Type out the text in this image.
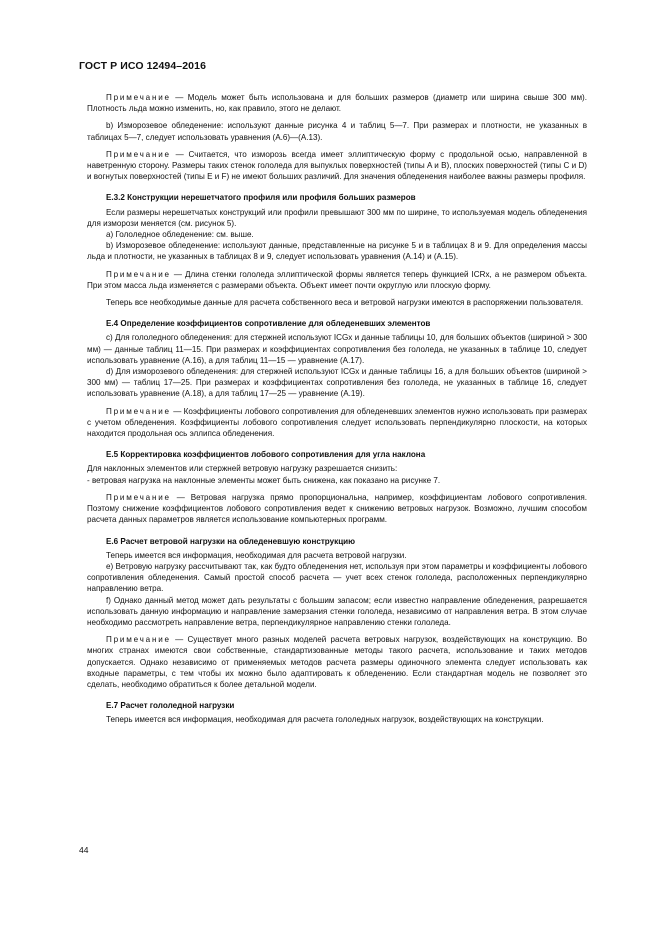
ГОСТ Р ИСО 12494–2016

Примечание — Модель может быть использована и для больших размеров (диаметр или ширина свыше 300 мм). Плотность льда можно изменить, но, как правило, этого не делают.

b) Изморозевое обледенение: используют данные рисунка 4 и таблиц 5—7. При размерах и плотности, не указанных в таблицах 5—7, следует использовать уравнения (A.6)—(A.13).

Примечание — Считается, что изморозь всегда имеет эллиптическую форму с продольной осью, направленной в наветренную сторону. Размеры таких стенок гололеда для выпуклых поверхностей (типы A и B), плоских поверхностей (типы C и D) и вогнутых поверхностей (типы E и F) не имеют больших различий. Для значения обледенения наиболее важны размеры профиля.

E.3.2 Конструкции нерешетчатого профиля или профиля больших размеров

Если размеры нерешетчатых конструкций или профили превышают 300 мм по ширине, то используемая модель обледенения для изморози меняется (см. рисунок 5).

a) Гололедное обледенение: см. выше.

b) Изморозевое обледенение: используют данные, представленные на рисунке 5 и в таблицах 8 и 9. Для определения массы льда и плотности, не указанных в таблицах 8 и 9, следует использовать уравнения (A.14) и (A.15).

Примечание — Длина стенки гололеда эллиптической формы является теперь функцией ICRx, а не размером объекта. При этом масса льда изменяется с размерами объекта. Объект имеет почти округлую или плоскую форму.

Теперь все необходимые данные для расчета собственного веса и ветровой нагрузки имеются в распоряжении пользователя.

E.4 Определение коэффициентов сопротивление для обледеневших элементов

c) Для гололедного обледенения: для стержней используют ICGx и данные таблицы 10, для больших объектов (шириной > 300 мм) — данные таблиц 11—15. При размерах и коэффициентах сопротивления без гололеда, не указанных в таблице 10, следует использовать уравнение (A.16), а для таблиц 11—15 — уравнение (A.17).

d) Для изморозевого обледенения: для стержней используют ICGx и данные таблицы 16, а для больших объектов (шириной > 300 мм) — таблиц 17—25. При размерах и коэффициентах сопротивления без гололеда, не указанных в таблице 16, следует использовать уравнение (A.18), а для таблиц 17—25 — уравнение (A.19).

Примечание — Коэффициенты лобового сопротивления для обледеневших элементов нужно использовать при размерах с учетом обледенения. Коэффициенты лобового сопротивления следует использовать перпендикулярно плоскости, на которых находится продольная ось эллипса обледенения.

E.5 Корректировка коэффициентов лобового сопротивления для угла наклона

Для наклонных элементов или стержней ветровую нагрузку разрешается снизить:

- ветровая нагрузка на наклонные элементы может быть снижена, как показано на рисунке 7.

Примечание — Ветровая нагрузка прямо пропорциональна, например, коэффициентам лобового сопротивления. Поэтому снижение коэффициентов лобового сопротивления ведет к снижению ветровых нагрузок. Возможно, лучшим способом расчета данных параметров является использование компьютерных программ.

E.6 Расчет ветровой нагрузки на обледеневшую конструкцию

Теперь имеется вся информация, необходимая для расчета ветровой нагрузки.

e) Ветровую нагрузку рассчитывают так, как будто обледенения нет, используя при этом параметры и коэффициенты лобового сопротивления обледенения. Самый простой способ расчета — учет всех стенок гололеда, расположенных перпендикулярно направлению ветра.

f) Однако данный метод может дать результаты с большим запасом; если известно направление обледенения, разрешается использовать данную информацию и направление замерзания стенки гололеда, независимо от направления ветра. В этом случае необходимо рассмотреть направление ветра, перпендикулярное направлению стенки гололеда.

Примечание — Существует много разных моделей расчета ветровых нагрузок, воздействующих на конструкцию. Во многих странах имеются свои собственные, стандартизованные методы такого расчета, использование и таких методов допускается. Однако независимо от применяемых методов расчета размеры одиночного элемента следует использовать как входные параметры, с тем чтобы их можно было адаптировать к обледенению. Если стандартная модель не позволяет это сделать, необходимо обратиться к более детальной модели.

E.7 Расчет гололедной нагрузки

Теперь имеется вся информация, необходимая для расчета гололедных нагрузок, воздействующих на конструкции.

44
